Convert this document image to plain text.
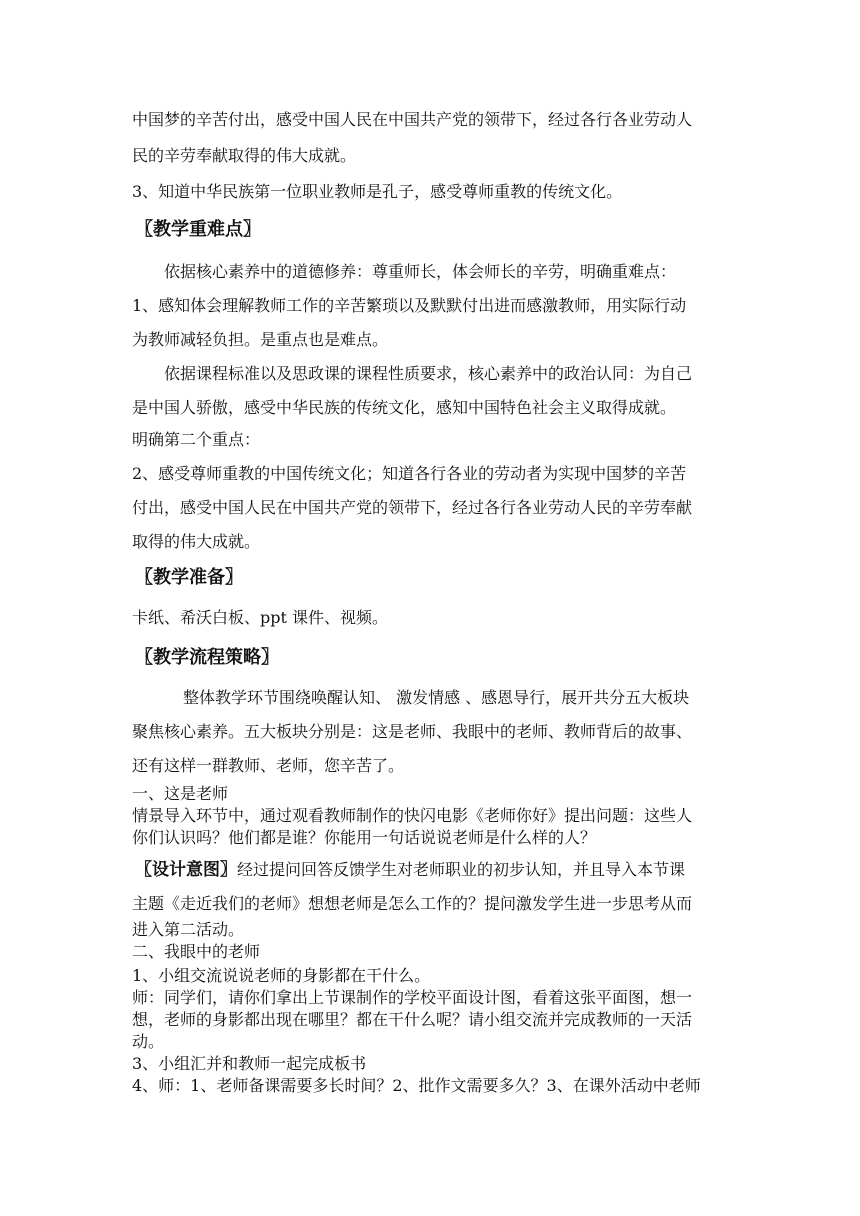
中国梦的辛苦付出，感受中国人民在中国共产党的领带下，经过各行各业劳动人
民的辛劳奉献取得的伟大成就。
3、知道中华民族第一位职业教师是孔子，感受尊师重教的传统文化。
〖教学重难点〗
依据核心素养中的道德修养：尊重师长，体会师长的辛劳，明确重难点：
1、感知体会理解教师工作的辛苦繁琐以及默默付出进而感激教师，用实际行动
为教师减轻负担。是重点也是难点。
依据课程标准以及思政课的课程性质要求，核心素养中的政治认同：为自己
是中国人骄傲，感受中华民族的传统文化，感知中国特色社会主义取得成就。
明确第二个重点：
2、感受尊师重教的中国传统文化；知道各行各业的劳动者为实现中国梦的辛苦
付出，感受中国人民在中国共产党的领带下，经过各行各业劳动人民的辛劳奉献
取得的伟大成就。
〖教学准备〗
卡纸、希沃白板、ppt 课件、视频。
〖教学流程策略〗
整体教学环节围绕唤醒认知、 激发情感 、感恩导行，展开共分五大板块
聚焦核心素养。五大板块分别是：这是老师、我眼中的老师、教师背后的故事、
还有这样一群教师、老师，您辛苦了。
一、这是老师
情景导入环节中，通过观看教师制作的快闪电影《老师你好》提出问题：这些人
你们认识吗？他们都是谁？你能用一句话说说老师是什么样的人？
〖设计意图〗经过提问回答反馈学生对老师职业的初步认知，并且导入本节课
主题《走近我们的老师》想想老师是怎么工作的？提问激发学生进一步思考从而
进入第二活动。
二、我眼中的老师
1、小组交流说说老师的身影都在干什么。
师：同学们，请你们拿出上节课制作的学校平面设计图，看着这张平面图，想一
想，老师的身影都出现在哪里？都在干什么呢？请小组交流并完成教师的一天活
动。
3、小组汇并和教师一起完成板书
4、师：1、老师备课需要多长时间？2、批作文需要多久？3、在课外活动中老师
